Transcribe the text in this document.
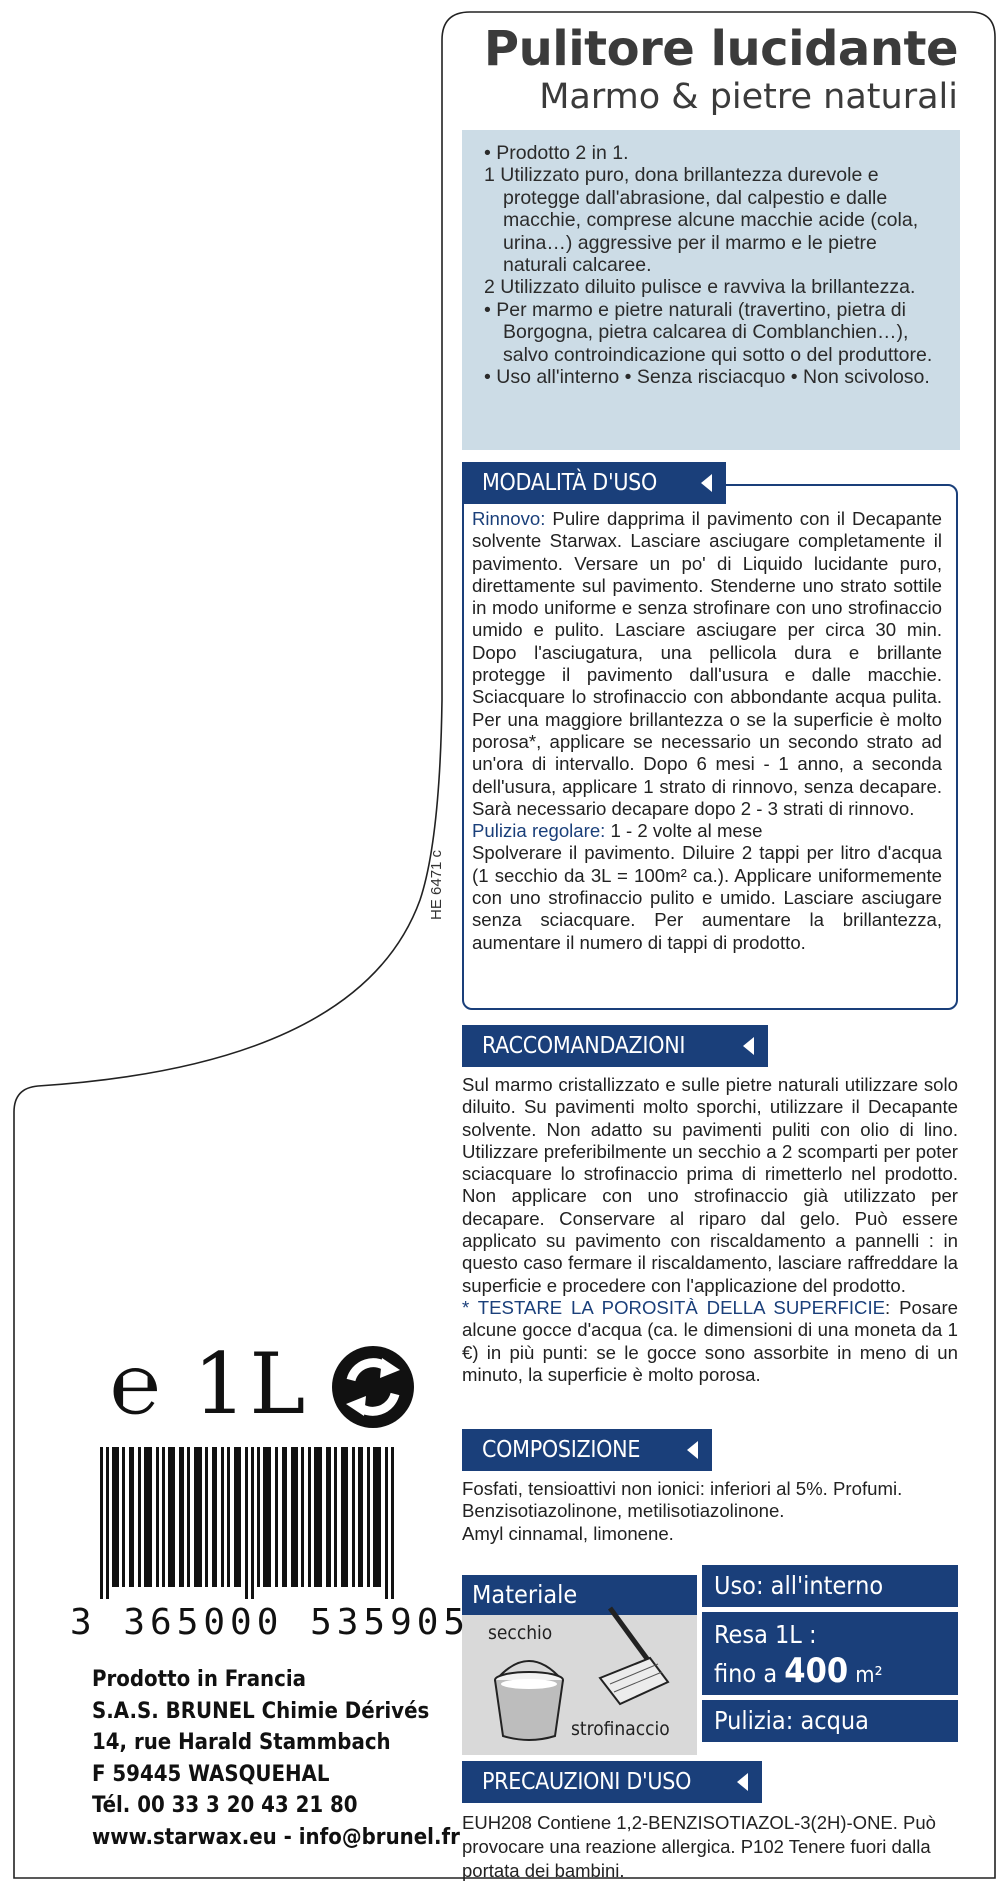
Pulitore lucidante
Marmo & pietre naturali
• Prodotto 2 in 1.
1 Utilizzato puro, dona brillantezza durevole e protegge dall'abrasione, dal calpestio e dalle macchie, comprese alcune macchie acide (cola, urina…) aggressive per il marmo e le pietre naturali calcaree.
2 Utilizzato diluito pulisce e ravviva la brillantezza.
• Per marmo e pietre naturali (travertino, pietra di Borgogna, pietra calcarea di Comblanchien…), salvo controindicazione qui sotto o del produttore.
• Uso all'interno • Senza risciacquo • Non scivoloso.
MODALITÀ D'USO
Rinnovo: Pulire dapprima il pavimento con il Decapante solvente Starwax. Lasciare asciugare completamente il pavimento. Versare un po' di Liquido lucidante puro, direttamente sul pavimento. Stenderne uno strato sottile in modo uniforme e senza strofinare con uno strofinaccio umido e pulito. Lasciare asciugare per circa 30 min. Dopo l'asciugatura, una pellicola dura e brillante protegge il pavimento dall'usura e dalle macchie. Sciacquare lo strofinaccio con abbondante acqua pulita. Per una maggiore brillantezza o se la superficie è molto porosa*, applicare se necessario un secondo strato ad un'ora di intervallo. Dopo 6 mesi - 1 anno, a seconda dell'usura, applicare 1 strato di rinnovo, senza decapare. Sarà necessario decapare dopo 2 - 3 strati di rinnovo.
Pulizia regolare: 1 - 2 volte al mese
Spolverare il pavimento. Diluire 2 tappi per litro d'acqua (1 secchio da 3L = 100m² ca.). Applicare uniformemente con uno strofinaccio pulito e umido. Lasciare asciugare senza sciacquare. Per aumentare la brillantezza, aumentare il numero di tappi di prodotto.
HE 6471 c
RACCOMANDAZIONI
Sul marmo cristallizzato e sulle pietre naturali utilizzare solo diluito. Su pavimenti molto sporchi, utilizzare il Decapante solvente. Non adatto su pavimenti puliti con olio di lino. Utilizzare preferibilmente un secchio a 2 scomparti per poter sciacquare lo strofinaccio prima di rimetterlo nel prodotto. Non applicare con uno strofinaccio già utilizzato per decapare. Conservare al riparo dal gelo. Può essere applicato su pavimento con riscaldamento a pannelli : in questo caso fermare il riscaldamento, lasciare raffreddare la superficie e procedere con l'applicazione del prodotto.
* TESTARE LA POROSITÀ DELLA SUPERFICIE: Posare alcune gocce d'acqua (ca. le dimensioni di una moneta da 1 €) in più punti: se le gocce sono assorbite in meno di un minuto, la superficie è molto porosa.
COMPOSIZIONE
Fosfati, tensioattivi non ionici: inferiori al 5%. Profumi.
Benzisotiazolinone, metilisotiazolinone.
Amyl cinnamal, limonene.
Materiale
secchio
strofinaccio
Uso: all'interno
Resa 1L :
fino a 400 m²
Pulizia: acqua
PRECAUZIONI D'USO
EUH208 Contiene 1,2-BENZISOTIAZOL-3(2H)-ONE. Può provocare una reazione allergica. P102 Tenere fuori dalla portata dei bambini.
℮ 1L
3 365000 535905
Prodotto in Francia
S.A.S. BRUNEL Chimie Dérivés
14, rue Harald Stammbach
F 59445 WASQUEHAL
Tél. 00 33 3 20 43 21 80
www.starwax.eu - info@brunel.fr
